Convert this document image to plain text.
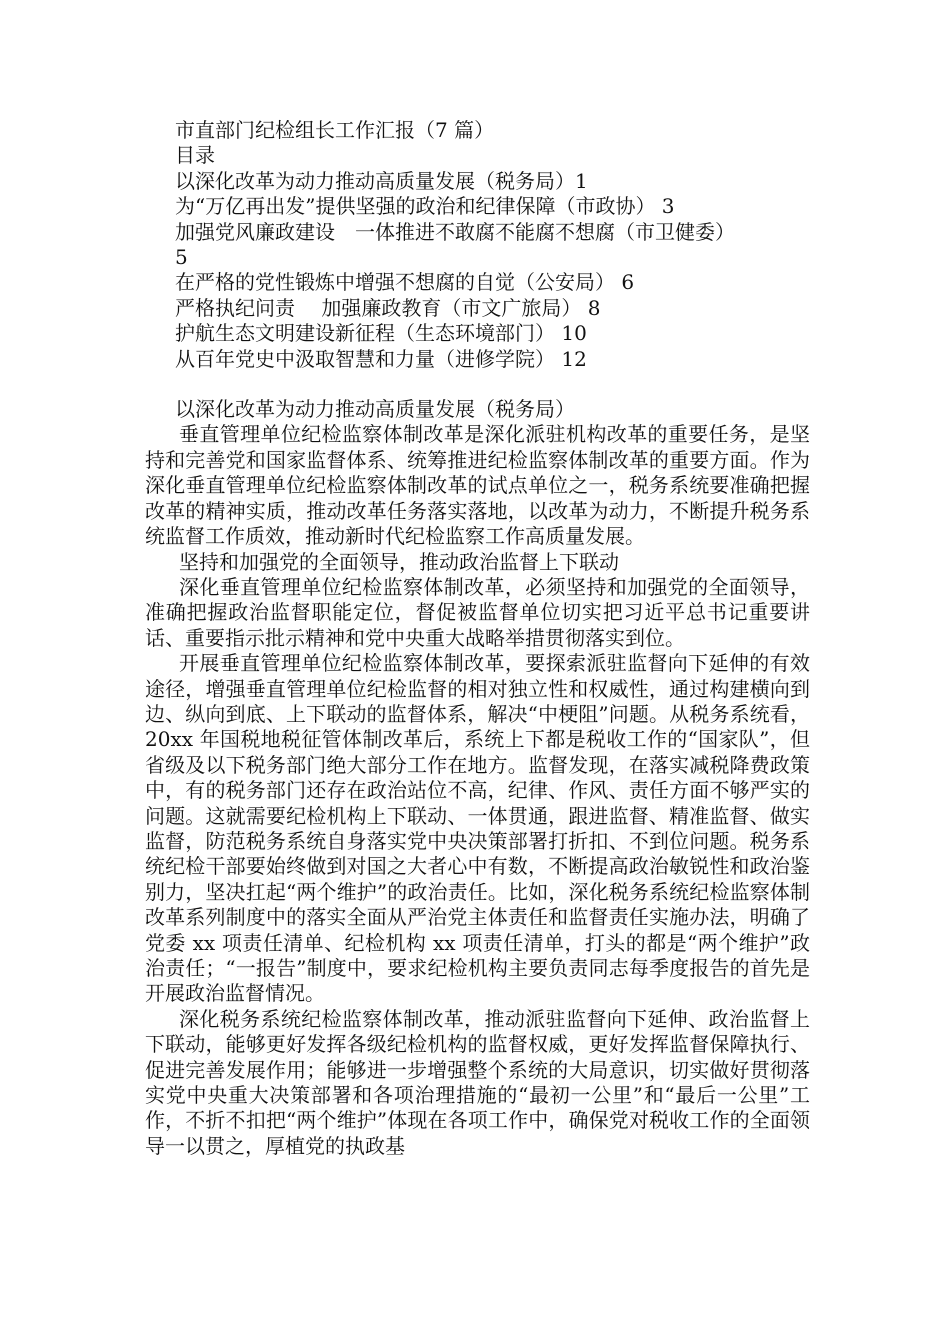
市直部门纪检组长工作汇报（7 篇）

目录

以深化改革为动力推动高质量发展（税务局）1

为“万亿再出发”提供坚强的政治和纪律保障（市政协） 3

加强党风廉政建设　一体推进不敢腐不能腐不想腐（市卫健委）

5

在严格的党性锻炼中增强不想腐的自觉（公安局） 6

严格执纪问责　 加强廉政教育（市文广旅局） 8

护航生态文明建设新征程（生态环境部门） 10

从百年党史中汲取智慧和力量（进修学院） 12

以深化改革为动力推动高质量发展（税务局）

垂直管理单位纪检监察体制改革是深化派驻机构改革的重要任务，是坚持和完善党和国家监督体系、统筹推进纪检监察体制改革的重要方面。作为深化垂直管理单位纪检监察体制改革的试点单位之一，税务系统要准确把握改革的精神实质，推动改革任务落实落地，以改革为动力，不断提升税务系统监督工作质效，推动新时代纪检监察工作高质量发展。

坚持和加强党的全面领导，推动政治监督上下联动

深化垂直管理单位纪检监察体制改革，必须坚持和加强党的全面领导，准确把握政治监督职能定位，督促被监督单位切实把习近平总书记重要讲话、重要指示批示精神和党中央重大战略举措贯彻落实到位。

开展垂直管理单位纪检监察体制改革，要探索派驻监督向下延伸的有效途径，增强垂直管理单位纪检监督的相对独立性和权威性，通过构建横向到边、纵向到底、上下联动的监督体系，解决“中梗阻”问题。从税务系统看，20xx 年国税地税征管体制改革后，系统上下都是税收工作的“国家队”，但省级及以下税务部门绝大部分工作在地方。监督发现，在落实减税降费政策中，有的税务部门还存在政治站位不高，纪律、作风、责任方面不够严实的问题。这就需要纪检机构上下联动、一体贯通，跟进监督、精准监督、做实监督，防范税务系统自身落实党中央决策部署打折扣、不到位问题。税务系统纪检干部要始终做到对国之大者心中有数，不断提高政治敏锐性和政治鉴别力，坚决扛起“两个维护”的政治责任。比如，深化税务系统纪检监察体制改革系列制度中的落实全面从严治党主体责任和监督责任实施办法，明确了党委 xx 项责任清单、纪检机构 xx 项责任清单，打头的都是“两个维护”政治责任；“一报告”制度中，要求纪检机构主要负责同志每季度报告的首先是开展政治监督情况。

深化税务系统纪检监察体制改革，推动派驻监督向下延伸、政治监督上下联动，能够更好发挥各级纪检机构的监督权威，更好发挥监督保障执行、促进完善发展作用；能够进一步增强整个系统的大局意识，切实做好贯彻落实党中央重大决策部署和各项治理措施的“最初一公里”和“最后一公里”工作，不折不扣把“两个维护”体现在各项工作中，确保党对税收工作的全面领导一以贯之，厚植党的执政基
